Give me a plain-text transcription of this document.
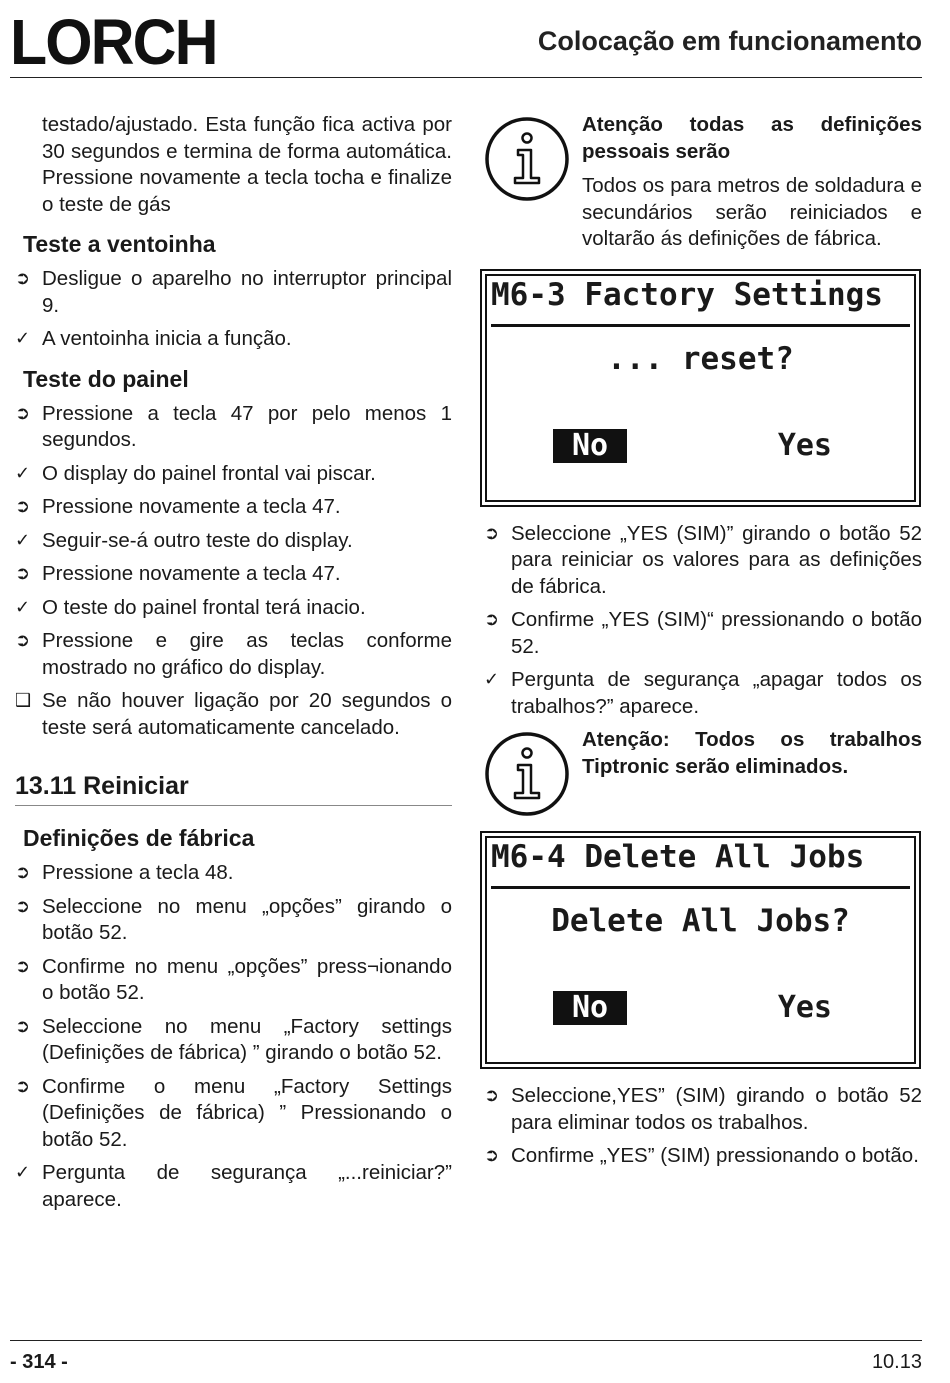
LORCH	Colocação em funcionamento
testado/ajustado. Esta função fica activa por 30 segundos e termina de forma automática. Pressione novamente a tecla tocha e finalize o teste de gás
Teste a ventoinha
➲ Desligue o aparelho no interruptor principal 9.
✓ A ventoinha inicia a função.
Teste do painel
➲ Pressione a tecla 47 por pelo menos 1 segundos.
✓ O display do painel frontal vai piscar.
➲ Pressione novamente a tecla 47.
✓ Seguir-se-á outro teste do display.
➲ Pressione novamente a tecla 47.
✓ O teste do painel frontal terá inacio.
➲ Pressione e gire as teclas conforme mostrado no gráfico do display.
❑ Se não houver ligação por 20 segundos o teste será automaticamente cancelado.
13.11 Reiniciar
Definições de fábrica
➲ Pressione a tecla 48.
➲ Seleccione no menu „opções” girando o botão 52.
➲ Confirme no menu „opções” press¬ionando o botão 52.
➲ Seleccione no menu „Factory settings (Definições de fábrica) ” girando o botão 52.
➲ Confirme o menu „Factory Settings (Definições de fábrica) ” Pressionando o botão 52.
✓ Pergunta de segurança „...reiniciar?” aparece.
Atenção todas as definições pessoais serão
Todos os para metros de soldadura e secundários serão reiniciados e voltarão ás definições de fábrica.
M6-3 Factory Settings
... reset?
No	Yes
➲ Seleccione „YES (SIM)” girando o botão 52 para reiniciar os valores para as definições de fábrica.
➲ Confirme „YES (SIM)“ pressionando o botão 52.
✓ Pergunta de segurança „apagar todos os trabalhos?” aparece.
Atenção: Todos os trabalhos Tiptronic serão eliminados.
M6-4 Delete All Jobs
Delete All Jobs?
No	Yes
➲ Seleccione,YES” (SIM) girando o botão 52 para eliminar todos os trabalhos.
➲ Confirme „YES” (SIM) pressionando o botão.
- 314 -	10.13
